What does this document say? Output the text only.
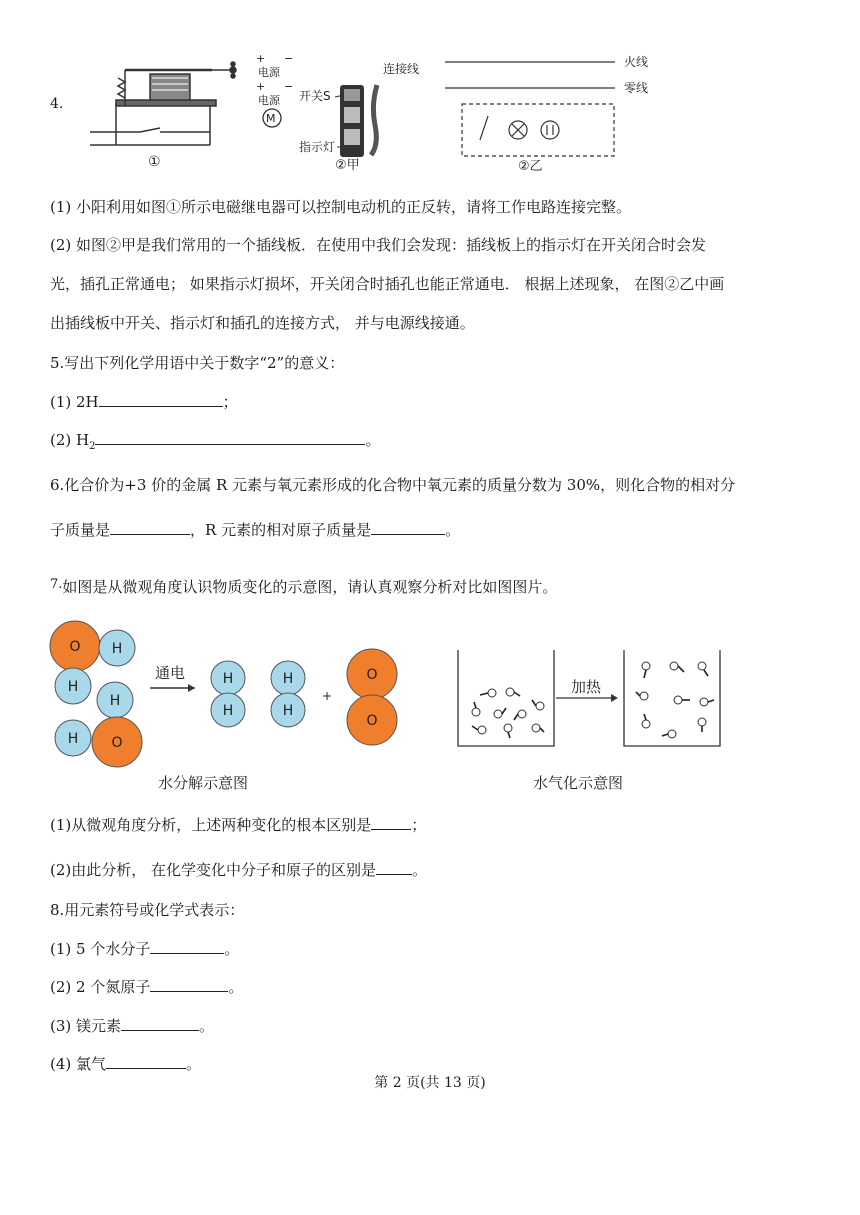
4.
①
+ −
电源
+ −
电源
M
连接线
开关S
指示灯
②甲
火线
零线
②乙
(1) 小阳利用如图①所示电磁继电器可以控制电动机的正反转，请将工作电路连接完整。
(2) 如图②甲是我们常用的一个插线板．在使用中我们会发现：插线板上的指示灯在开关闭合时会发
光，插孔正常通电； 如果指示灯损坏，开关闭合时插孔也能正常通电． 根据上述现象， 在图②乙中画
出插线板中开关、指示灯和插孔的连接方式， 并与电源线接通。
5.写出下列化学用语中关于数字“2”的意义：
(1) 2H	；
(2) $H_2$	。
6.化合价为+3 价的金属 R 元素与氧元素形成的化合物中氧元素的质量分数为 30%，则化合物的相对分
子质量是	，R 元素的相对原子质量是	。
7.如图是从微观角度认识物质变化的示意图，请认真观察分析对比如图图片。
O H
H
H
H O
H
H
H
H
O
O
+
通电
水分解示意图
加热
水气化示意图
(1)从微观角度分析，上述两种变化的根本区别是	；
(2)由此分析， 在化学变化中分子和原子的区别是 。
8.用元素符号或化学式表示：
(1) 5 个水分子	。
(2) 2 个氮原子	。
(3) 镁元素	。
(4) 氯气	。
第 2 页(共 13 页)
